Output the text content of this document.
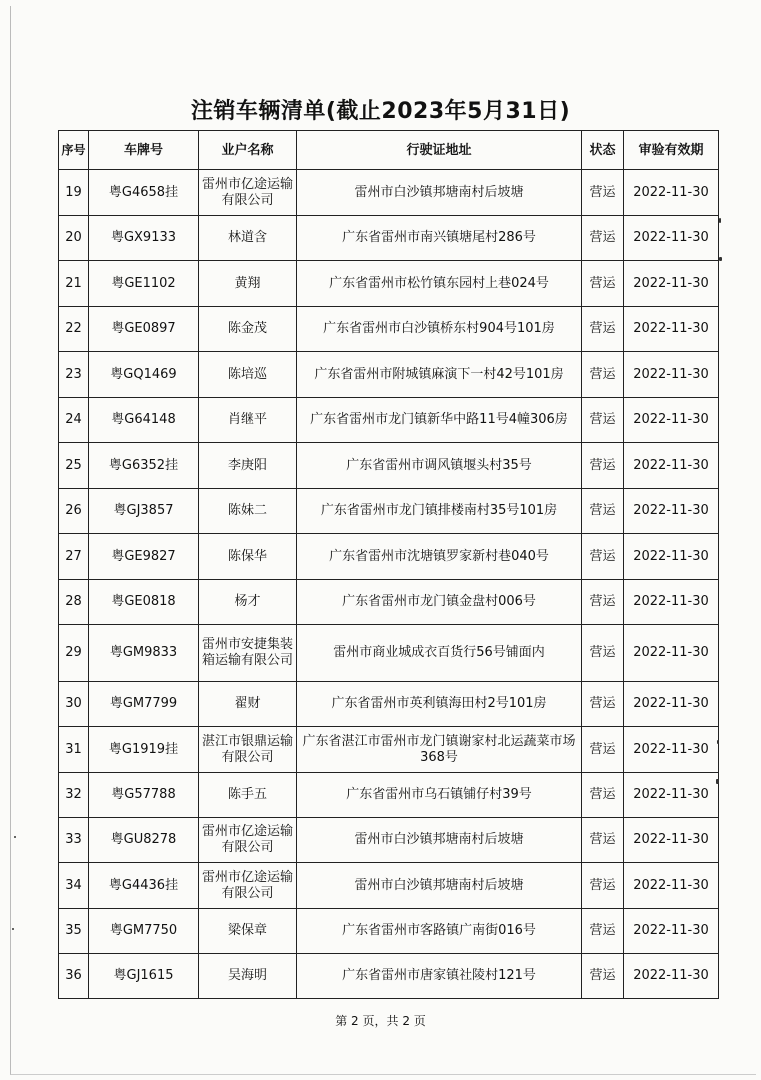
注销车辆清单(截止2023年5月31日)
序号	车牌号	业户名称	行驶证地址	状态	审验有效期
19	粤G4658挂	雷州市亿途运输有限公司	雷州市白沙镇邦塘南村后坡塘	营运	2022-11-30
20	粤GX9133	林道含	广东省雷州市南兴镇塘尾村286号	营运	2022-11-30
21	粤GE1102	黄翔	广东省雷州市松竹镇东园村上巷024号	营运	2022-11-30
22	粤GE0897	陈金茂	广东省雷州市白沙镇桥东村904号101房	营运	2022-11-30
23	粤GQ1469	陈培巡	广东省雷州市附城镇麻演下一村42号101房	营运	2022-11-30
24	粤G64148	肖继平	广东省雷州市龙门镇新华中路11号4幢306房	营运	2022-11-30
25	粤G6352挂	李庚阳	广东省雷州市调风镇堰头村35号	营运	2022-11-30
26	粤GJ3857	陈妹二	广东省雷州市龙门镇排楼南村35号101房	营运	2022-11-30
27	粤GE9827	陈保华	广东省雷州市沈塘镇罗家新村巷040号	营运	2022-11-30
28	粤GE0818	杨才	广东省雷州市龙门镇金盘村006号	营运	2022-11-30
29	粤GM9833	雷州市安捷集装箱运输有限公司	雷州市商业城成衣百货行56号铺面内	营运	2022-11-30
30	粤GM7799	翟财	广东省雷州市英利镇海田村2号101房	营运	2022-11-30
31	粤G1919挂	湛江市银鼎运输有限公司	广东省湛江市雷州市龙门镇谢家村北运蔬菜市场368号	营运	2022-11-30
32	粤G57788	陈手五	广东省雷州市乌石镇铺仔村39号	营运	2022-11-30
33	粤GU8278	雷州市亿途运输有限公司	雷州市白沙镇邦塘南村后坡塘	营运	2022-11-30
34	粤G4436挂	雷州市亿途运输有限公司	雷州市白沙镇邦塘南村后坡塘	营运	2022-11-30
35	粤GM7750	梁保章	广东省雷州市客路镇广南街016号	营运	2022-11-30
36	粤GJ1615	吴海明	广东省雷州市唐家镇社陵村121号	营运	2022-11-30
第 2 页，共 2 页
